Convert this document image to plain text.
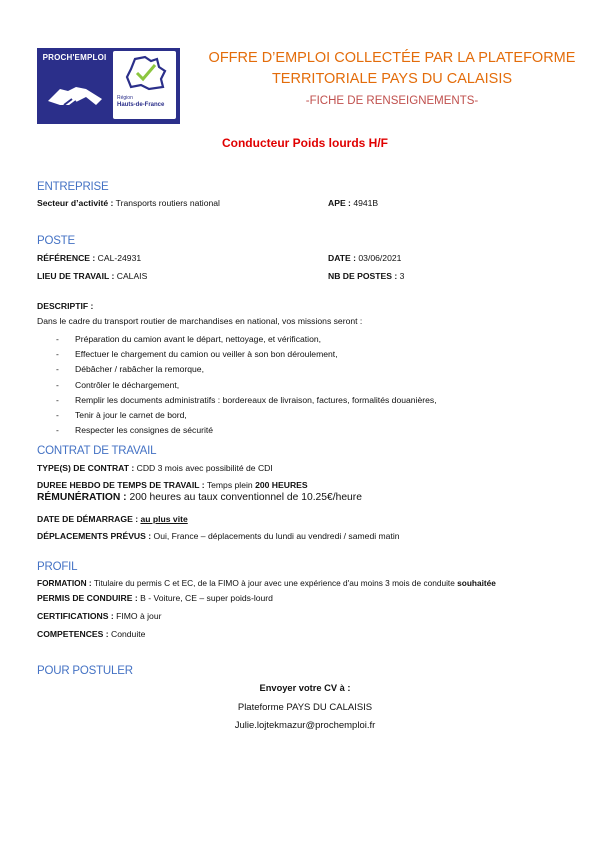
PROCH'EMPLOI
Région
Hauts-de-France
OFFRE D’EMPLOI COLLECTÉE PAR LA PLATEFORME
TERRITORIALE PAYS DU CALAISIS
-FICHE DE RENSEIGNEMENTS-
Conducteur Poids lourds H/F
ENTREPRISE
Secteur d’activité : Transports routiers national	APE : 4941B
POSTE
RÉFÉRENCE : CAL-24931	DATE : 03/06/2021
LIEU DE TRAVAIL : CALAIS	NB DE POSTES : 3
DESCRIPTIF :
Dans le cadre du transport routier de marchandises en national, vos missions seront :
- Préparation du camion avant le départ, nettoyage, et vérification,
- Effectuer le chargement du camion ou veiller à son bon déroulement,
- Débâcher / rabâcher la remorque,
- Contrôler le déchargement,
- Remplir les documents administratifs : bordereaux de livraison, factures, formalités douanières,
- Tenir à jour le carnet de bord,
- Respecter les consignes de sécurité
CONTRAT DE TRAVAIL
TYPE(S) DE CONTRAT : CDD 3 mois avec possibilité de CDI
DUREE HEBDO DE TEMPS DE TRAVAIL : Temps plein 200 HEURES
RÉMUNÉRATION : 200 heures au taux conventionnel de 10.25€/heure
DATE DE DÉMARRAGE : au plus vite
DÉPLACEMENTS PRÉVUS : Oui, France – déplacements du lundi au vendredi / samedi matin
PROFIL
FORMATION : Titulaire du permis C et EC, de la FIMO à jour avec une expérience d'au moins 3 mois de conduite souhaitée
PERMIS DE CONDUIRE : B - Voiture, CE – super poids-lourd
CERTIFICATIONS : FIMO à jour
COMPETENCES : Conduite
POUR POSTULER
Envoyer votre CV à :
Plateforme PAYS DU CALAISIS
Julie.lojtekmazur@prochemploi.fr
